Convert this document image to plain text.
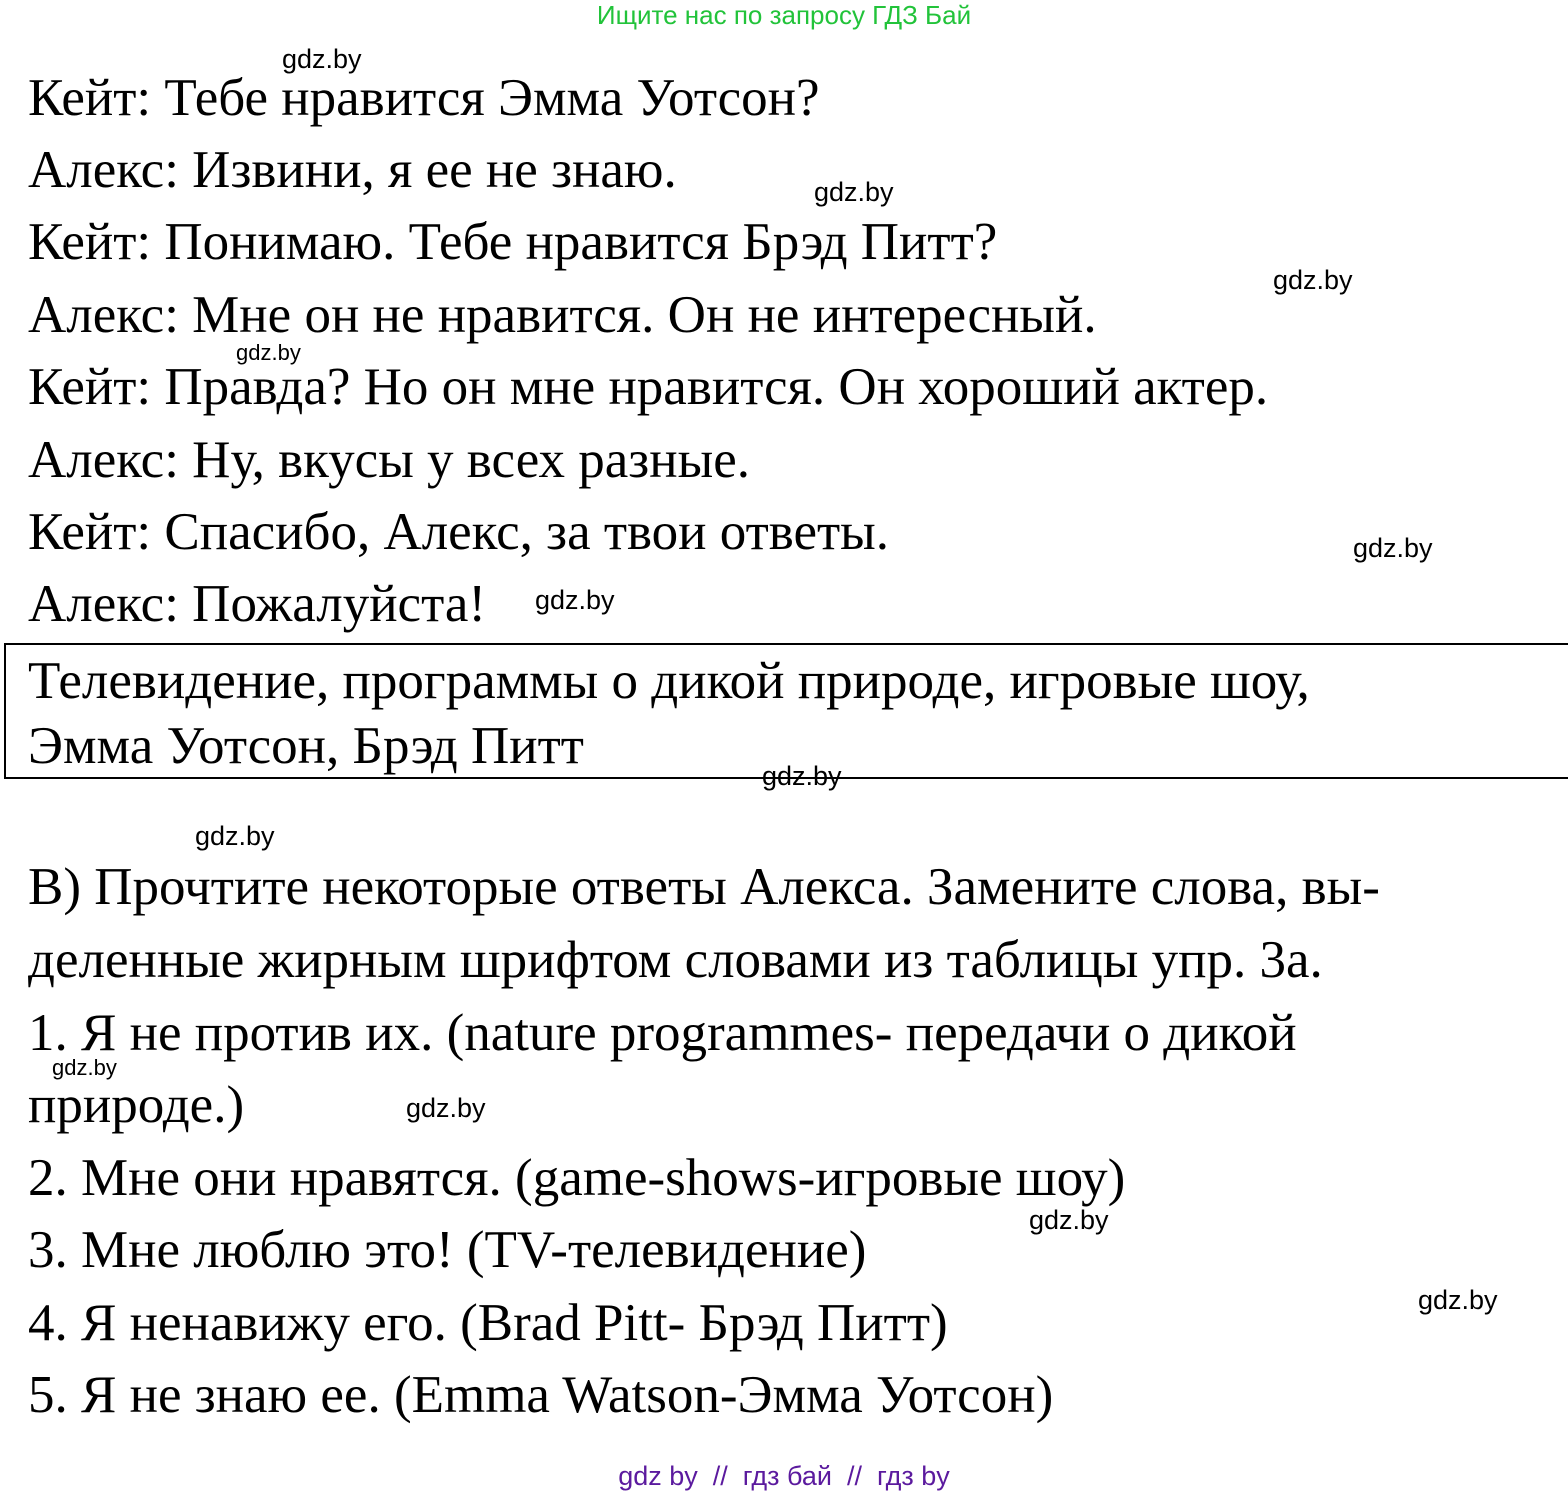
Ищите нас по запросу ГДЗ Бай
Кейт: Тебе нравится Эмма Уотсон?
Алекс: Извини, я ее не знаю.
Кейт: Понимаю. Тебе нравится Брэд Питт?
Алекс: Мне он не нравится. Он не интересный.
Кейт: Правда? Но он мне нравится. Он хороший актер.
Алекс: Ну, вкусы у всех разные.
Кейт: Спасибо, Алекс, за твои ответы.
Алекс: Пожалуйста!
Телевидение, программы о дикой природе, игровые шоу,
Эмма Уотсон, Брэд Питт
В) Прочтите некоторые ответы Алекса. Замените слова, вы-
деленные жирным шрифтом словами из таблицы упр. 3а.
1. Я не против их. (nature programmes- передачи о дикой
природе.)
2. Мне они нравятся. (game-shows-игровые шоу)
3. Мне люблю это! (TV-телевидение)
4. Я ненавижу его. (Brad Pitt- Брэд Питт)
5. Я не знаю ее. (Emma Watson-Эмма Уотсон)
gdz.by
gdz.by
gdz.by
gdz.by
gdz.by
gdz.by
gdz.by
gdz.by
gdz.by
gdz.by
gdz.by
gdz.by
gdz by  //  гдз бай  //  гдз by
